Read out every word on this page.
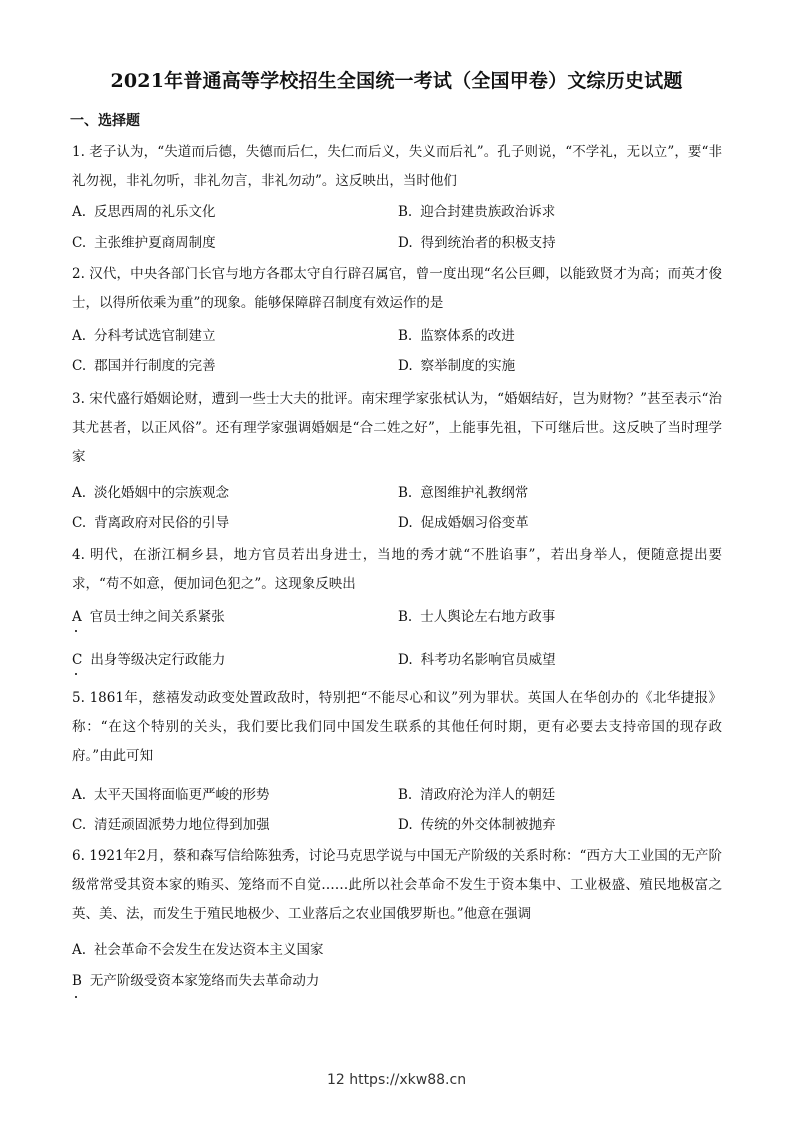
2021年普通高等学校招生全国统一考试（全国甲卷）文综历史试题
一、选择题
1. 老子认为，“失道而后德，失德而后仁，失仁而后义，失义而后礼”。孔子则说，“不学礼，无以立”，要“非礼勿视，非礼勿听，非礼勿言，非礼勿动”。这反映出，当时他们
A. 反思西周的礼乐文化	B. 迎合封建贵族政治诉求
C. 主张维护夏商周制度	D. 得到统治者的积极支持
2. 汉代，中央各部门长官与地方各郡太守自行辟召属官，曾一度出现“名公巨卿，以能致贤才为高；而英才俊士，以得所依乘为重”的现象。能够保障辟召制度有效运作的是
A. 分科考试选官制建立	B. 监察体系的改进
C. 郡国并行制度的完善	D. 察举制度的实施
3. 宋代盛行婚姻论财，遭到一些士大夫的批评。南宋理学家张栻认为，“婚姻结好，岂为财物？”甚至表示“治其尤甚者，以正风俗”。还有理学家强调婚姻是“合二姓之好”，上能事先祖，下可继后世。这反映了当时理学家
A. 淡化婚姻中的宗族观念	B. 意图维护礼教纲常
C. 背离政府对民俗的引导	D. 促成婚姻习俗变革
4. 明代，在浙江桐乡县，地方官员若出身进士，当地的秀才就“不胜谄事”，若出身举人，便随意提出要求，“苟不如意，便加词色犯之”。这现象反映出
A 官员士绅之间关系紧张	B. 士人舆论左右地方政事
C 出身等级决定行政能力	D. 科考功名影响官员威望
5. 1861年，慈禧发动政变处置政敌时，特别把“不能尽心和议”列为罪状。英国人在华创办的《北华捷报》称：“在这个特别的关头，我们要比我们同中国发生联系的其他任何时期，更有必要去支持帝国的现存政府。”由此可知
A. 太平天国将面临更严峻的形势	B. 清政府沦为洋人的朝廷
C. 清廷顽固派势力地位得到加强	D. 传统的外交体制被抛弃
6. 1921年2月，蔡和森写信给陈独秀，讨论马克思学说与中国无产阶级的关系时称：“西方大工业国的无产阶级常常受其资本家的贿买、笼络而不自觉……此所以社会革命不发生于资本集中、工业极盛、殖民地极富之英、美、法，而发生于殖民地极少、工业落后之农业国俄罗斯也。”他意在强调
A. 社会革命不会发生在发达资本主义国家
B 无产阶级受资本家笼络而失去革命动力
12 https://xkw88.cn
